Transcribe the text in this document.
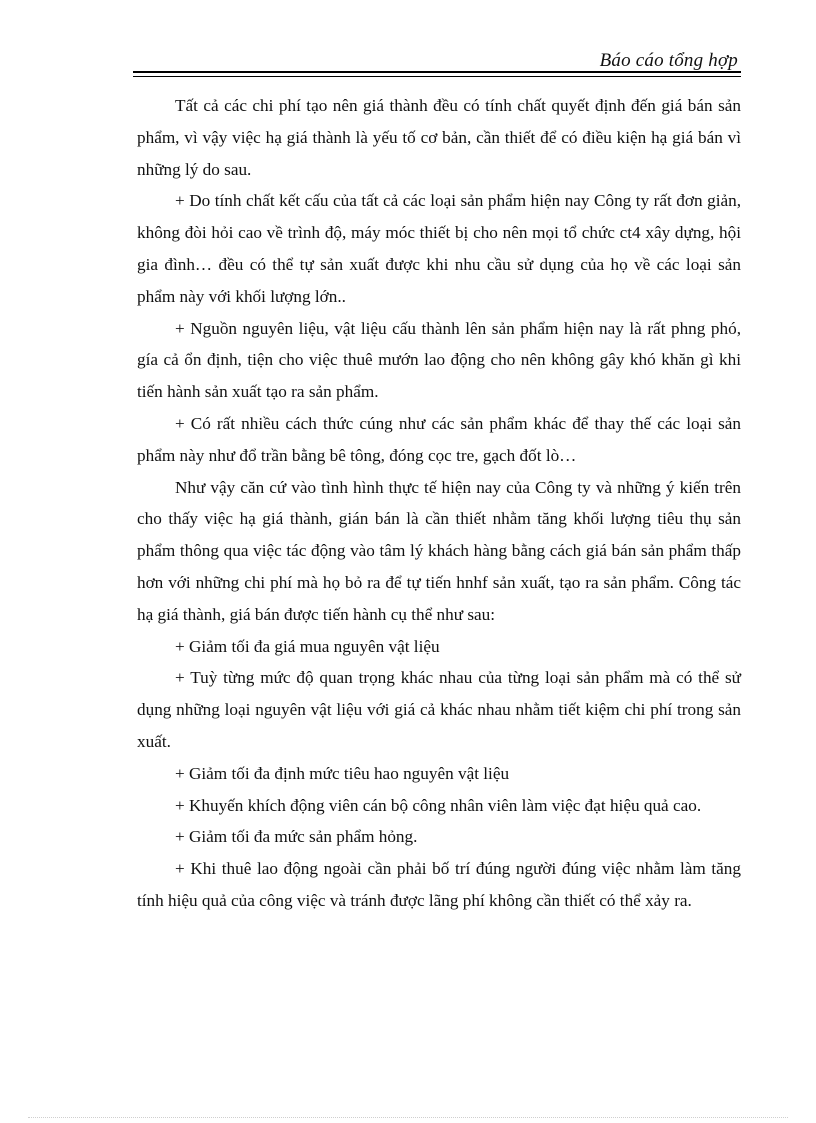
Báo cáo tổng hợp

Tất cả các chi phí tạo nên giá thành đều có tính chất quyết định đến giá bán sản phẩm, vì vậy việc hạ giá thành là yếu tố cơ bản, cần thiết để có điều kiện hạ giá bán vì những lý do sau.

+ Do tính chất kết cấu của tất cả các loại sản phẩm hiện nay Công ty rất đơn giản, không đòi hỏi cao về trình độ, máy móc thiết bị cho nên mọi tổ chức ct4 xây dựng, hội gia đình… đều có thể tự sản xuất được khi nhu cầu sử dụng của họ về các loại sản phẩm này với khối lượng lớn..

+ Nguồn nguyên liệu, vật liệu cấu thành lên sản phẩm hiện nay là rất phng phó, gía cả ổn định, tiện cho việc thuê mướn lao động cho nên không gây khó khăn gì khi tiến hành sản xuất tạo ra sản phẩm.

+ Có rất nhiều cách thức cúng như các sản phẩm khác để thay thế các loại sản phẩm này như đổ trần bằng bê tông, đóng cọc tre, gạch đốt lò…

Như vậy căn cứ vào tình hình thực tế hiện nay của Công ty và những ý kiến trên cho thấy việc hạ giá thành, gián bán là cần thiết nhằm tăng khối lượng tiêu thụ sản phẩm thông qua việc tác động vào tâm lý khách hàng bằng cách giá bán sản phẩm thấp hơn với những chi phí mà họ bỏ ra để tự tiến hnhf sản xuất, tạo ra sản phẩm. Công tác hạ giá thành, giá bán được tiến hành cụ thể như sau:

+ Giảm tối đa giá mua nguyên vật liệu

+ Tuỳ từng mức độ quan trọng khác nhau của từng loại sản phẩm mà có thể sử dụng những loại nguyên vật liệu với giá cả khác nhau nhằm tiết kiệm chi phí trong sản xuất.

+ Giảm tối đa định mức tiêu hao nguyên vật liệu

+ Khuyến khích động viên cán bộ công nhân viên làm việc đạt hiệu quả cao.

+ Giảm tối đa mức sản phẩm hỏng.

+ Khi thuê lao động ngoài cần phải bố trí đúng người đúng việc nhằm làm tăng tính hiệu quả của công việc và tránh được lãng phí không cần thiết có thể xảy ra.
